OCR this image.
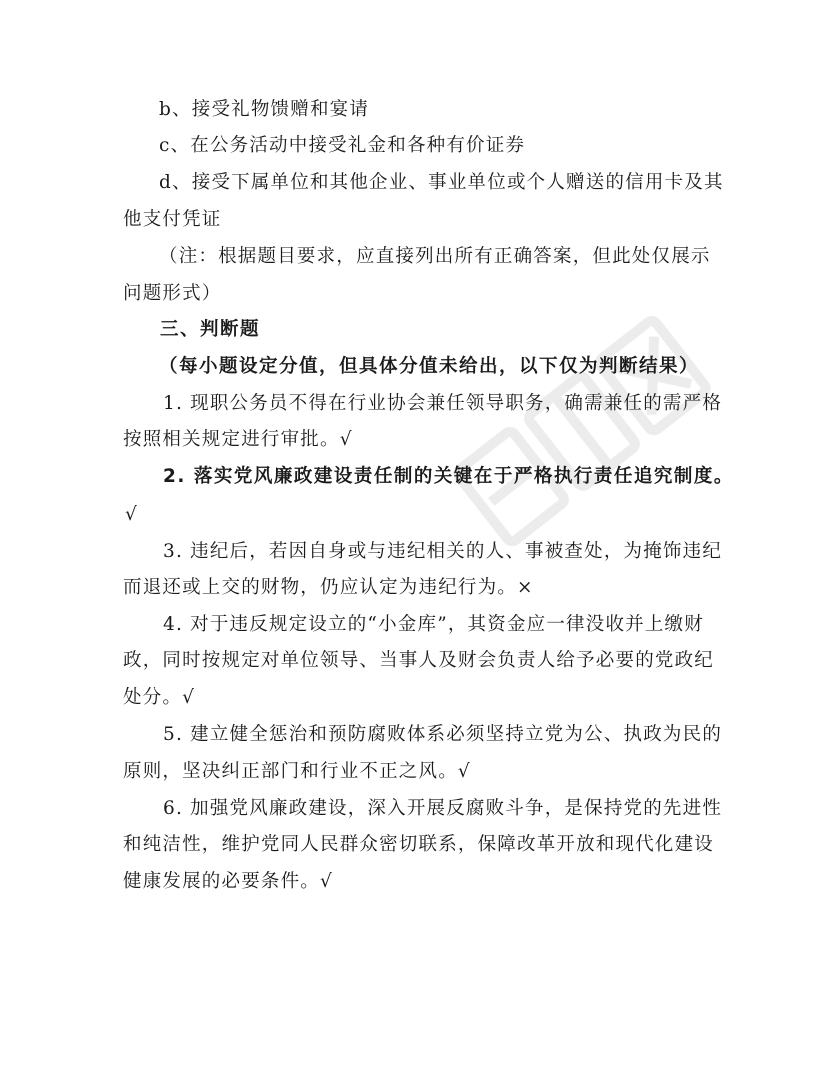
b、接受礼物馈赠和宴请
c、在公务活动中接受礼金和各种有价证券
d、接受下属单位和其他企业、事业单位或个人赠送的信用卡及其
他支付凭证
（注：根据题目要求，应直接列出所有正确答案，但此处仅展示
问题形式）
三、判断题
（每小题设定分值，但具体分值未给出，以下仅为判断结果）
1. 现职公务员不得在行业协会兼任领导职务，确需兼任的需严格
按照相关规定进行审批。√
2. 落实党风廉政建设责任制的关键在于严格执行责任追究制度。
√
3. 违纪后，若因自身或与违纪相关的人、事被查处，为掩饰违纪
而退还或上交的财物，仍应认定为违纪行为。×
4. 对于违反规定设立的“小金库”，其资金应一律没收并上缴财
政，同时按规定对单位领导、当事人及财会负责人给予必要的党政纪
处分。√
5. 建立健全惩治和预防腐败体系必须坚持立党为公、执政为民的
原则，坚决纠正部门和行业不正之风。√
6. 加强党风廉政建设，深入开展反腐败斗争，是保持党的先进性
和纯洁性，维护党同人民群众密切联系，保障改革开放和现代化建设
健康发展的必要条件。√
